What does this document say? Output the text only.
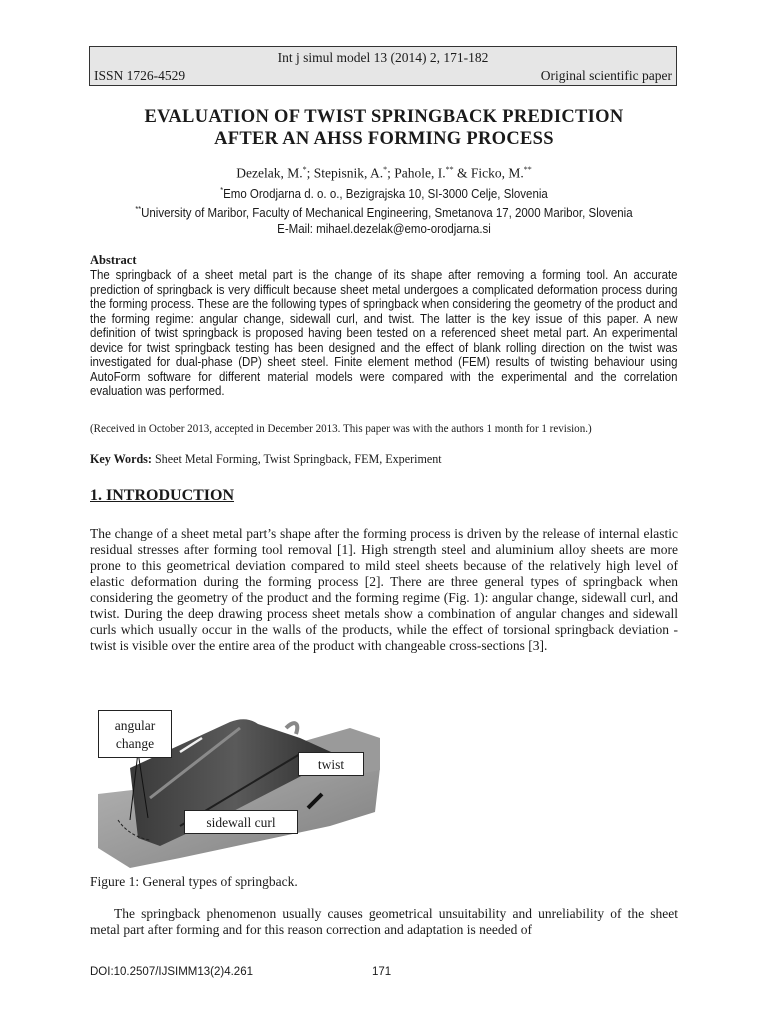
Int j simul model 13 (2014) 2, 171-182
ISSN 1726-4529	Original scientific paper
EVALUATION OF TWIST SPRINGBACK PREDICTION
AFTER AN AHSS FORMING PROCESS
Dezelak, M.*; Stepisnik, A.*; Pahole, I.** & Ficko, M.**
*Emo Orodjarna d. o. o., Bezigrajska 10, SI-3000 Celje, Slovenia
**University of Maribor, Faculty of Mechanical Engineering, Smetanova 17, 2000 Maribor, Slovenia
E-Mail: mihael.dezelak@emo-orodjarna.si
Abstract
The springback of a sheet metal part is the change of its shape after removing a forming tool. An accurate prediction of springback is very difficult because sheet metal undergoes a complicated deformation process during the forming process. These are the following types of springback when considering the geometry of the product and the forming regime: angular change, sidewall curl, and twist. The latter is the key issue of this paper. A new definition of twist springback is proposed having been tested on a referenced sheet metal part. An experimental device for twist springback testing has been designed and the effect of blank rolling direction on the twist was investigated for dual-phase (DP) sheet steel. Finite element method (FEM) results of twisting behaviour using AutoForm software for different material models were compared with the experimental and the correlation evaluation was performed.
(Received in October 2013, accepted in December 2013. This paper was with the authors 1 month for 1 revision.)
Key Words: Sheet Metal Forming, Twist Springback, FEM, Experiment
1. INTRODUCTION
The change of a sheet metal part’s shape after the forming process is driven by the release of internal elastic residual stresses after forming tool removal [1]. High strength steel and aluminium alloy sheets are more prone to this geometrical deviation compared to mild steel sheets because of the relatively high level of elastic deformation during the forming process [2]. There are three general types of springback when considering the geometry of the product and the forming regime (Fig. 1): angular change, sidewall curl, and twist. During the deep drawing process sheet metals show a combination of angular changes and sidewall curls which usually occur in the walls of the products, while the effect of torsional springback deviation - twist is visible over the entire area of the product with changeable cross-sections [3].
angular change
twist
sidewall curl
Figure 1: General types of springback.
The springback phenomenon usually causes geometrical unsuitability and unreliability of the sheet metal part after forming and for this reason correction and adaptation is needed of
DOI:10.2507/IJSIMM13(2)4.261	171
